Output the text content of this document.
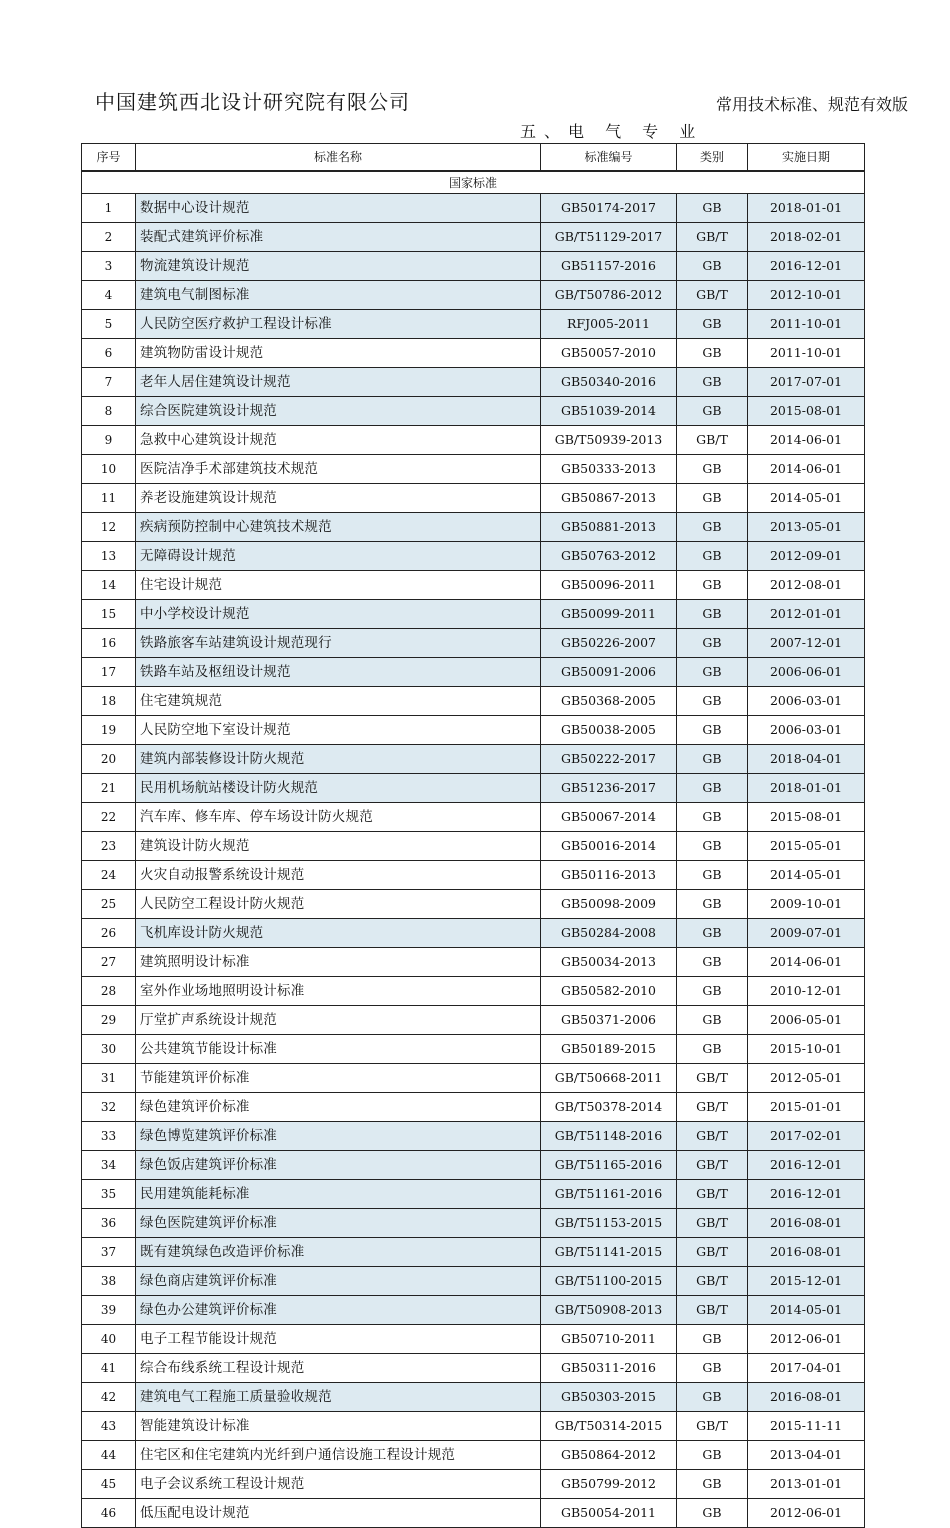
中国建筑西北设计研究院有限公司	常用技术标准、规范有效版
五、电 气 专 业
序号	标准名称	标准编号	类别	实施日期
国家标准				
1	数据中心设计规范	GB50174-2017	GB	2018-01-01
2	装配式建筑评价标准	GB/T51129-2017	GB/T	2018-02-01
3	物流建筑设计规范	GB51157-2016	GB	2016-12-01
4	建筑电气制图标准	GB/T50786-2012	GB/T	2012-10-01
5	人民防空医疗救护工程设计标准	RFJ005-2011	GB	2011-10-01
6	建筑物防雷设计规范	GB50057-2010	GB	2011-10-01
7	老年人居住建筑设计规范	GB50340-2016	GB	2017-07-01
8	综合医院建筑设计规范	GB51039-2014	GB	2015-08-01
9	急救中心建筑设计规范	GB/T50939-2013	GB/T	2014-06-01
10	医院洁净手术部建筑技术规范	GB50333-2013	GB	2014-06-01
11	养老设施建筑设计规范	GB50867-2013	GB	2014-05-01
12	疾病预防控制中心建筑技术规范	GB50881-2013	GB	2013-05-01
13	无障碍设计规范	GB50763-2012	GB	2012-09-01
14	住宅设计规范	GB50096-2011	GB	2012-08-01
15	中小学校设计规范	GB50099-2011	GB	2012-01-01
16	铁路旅客车站建筑设计规范现行	GB50226-2007	GB	2007-12-01
17	铁路车站及枢纽设计规范	GB50091-2006	GB	2006-06-01
18	住宅建筑规范	GB50368-2005	GB	2006-03-01
19	人民防空地下室设计规范	GB50038-2005	GB	2006-03-01
20	建筑内部装修设计防火规范	GB50222-2017	GB	2018-04-01
21	民用机场航站楼设计防火规范	GB51236-2017	GB	2018-01-01
22	汽车库、修车库、停车场设计防火规范	GB50067-2014	GB	2015-08-01
23	建筑设计防火规范	GB50016-2014	GB	2015-05-01
24	火灾自动报警系统设计规范	GB50116-2013	GB	2014-05-01
25	人民防空工程设计防火规范	GB50098-2009	GB	2009-10-01
26	飞机库设计防火规范	GB50284-2008	GB	2009-07-01
27	建筑照明设计标准	GB50034-2013	GB	2014-06-01
28	室外作业场地照明设计标准	GB50582-2010	GB	2010-12-01
29	厅堂扩声系统设计规范	GB50371-2006	GB	2006-05-01
30	公共建筑节能设计标准	GB50189-2015	GB	2015-10-01
31	节能建筑评价标准	GB/T50668-2011	GB/T	2012-05-01
32	绿色建筑评价标准	GB/T50378-2014	GB/T	2015-01-01
33	绿色博览建筑评价标准	GB/T51148-2016	GB/T	2017-02-01
34	绿色饭店建筑评价标准	GB/T51165-2016	GB/T	2016-12-01
35	民用建筑能耗标准	GB/T51161-2016	GB/T	2016-12-01
36	绿色医院建筑评价标准	GB/T51153-2015	GB/T	2016-08-01
37	既有建筑绿色改造评价标准	GB/T51141-2015	GB/T	2016-08-01
38	绿色商店建筑评价标准	GB/T51100-2015	GB/T	2015-12-01
39	绿色办公建筑评价标准	GB/T50908-2013	GB/T	2014-05-01
40	电子工程节能设计规范	GB50710-2011	GB	2012-06-01
41	综合布线系统工程设计规范	GB50311-2016	GB	2017-04-01
42	建筑电气工程施工质量验收规范	GB50303-2015	GB	2016-08-01
43	智能建筑设计标准	GB/T50314-2015	GB/T	2015-11-11
44	住宅区和住宅建筑内光纤到户通信设施工程设计规范	GB50864-2012	GB	2013-04-01
45	电子会议系统工程设计规范	GB50799-2012	GB	2013-01-01
46	低压配电设计规范	GB50054-2011	GB	2012-06-01
